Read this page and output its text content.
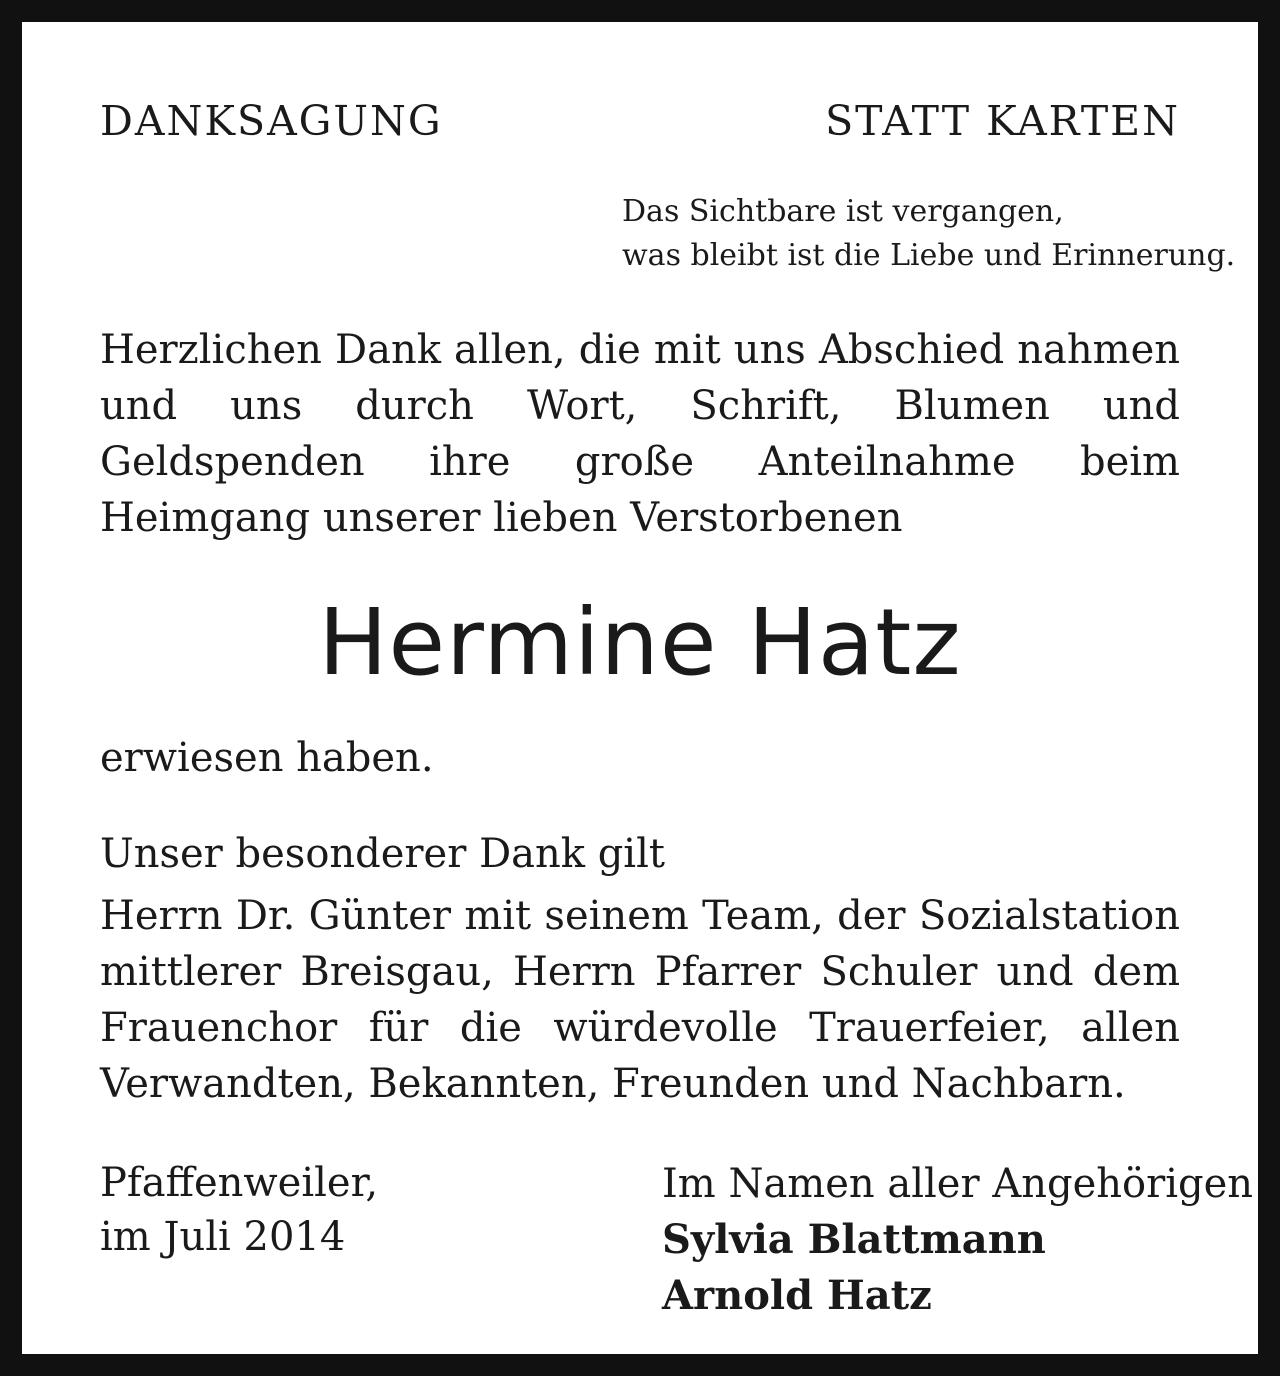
DANKSAGUNG	STATT KARTEN
Das Sichtbare ist vergangen,
was bleibt ist die Liebe und Erinnerung.
Herzlichen Dank allen, die mit uns Abschied nahmen und uns durch Wort, Schrift, Blumen und Geldspenden ihre große Anteilnahme beim Heimgang unserer lieben Verstorbenen
Hermine Hatz
erwiesen haben.
Unser besonderer Dank gilt
Herrn Dr. Günter mit seinem Team, der Sozialstation mittlerer Breisgau, Herrn Pfarrer Schuler und dem Frauenchor für die würdevolle Trauerfeier, allen Verwandten, Bekannten, Freunden und Nachbarn.
Pfaffenweiler,
im Juli 2014
Im Namen aller Angehörigen
Sylvia Blattmann
Arnold Hatz
